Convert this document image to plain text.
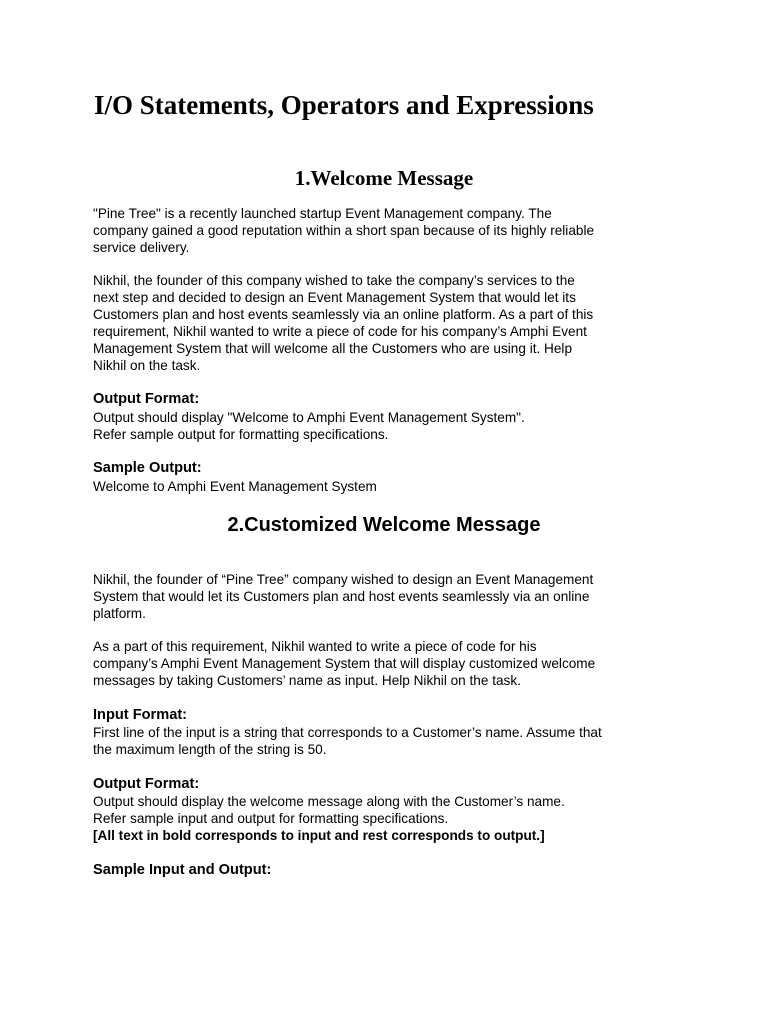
I/O Statements, Operators and Expressions
1.Welcome Message
"Pine Tree" is a recently launched startup Event Management company. The
company gained a good reputation within a short span because of its highly reliable
service delivery.
Nikhil, the founder of this company wished to take the company’s services to the
next step and decided to design an Event Management System that would let its
Customers plan and host events seamlessly via an online platform. As a part of this
requirement, Nikhil wanted to write a piece of code for his company’s Amphi Event
Management System that will welcome all the Customers who are using it. Help
Nikhil on the task.
Output Format:
Output should display "Welcome to Amphi Event Management System".
Refer sample output for formatting specifications.
Sample Output:
Welcome to Amphi Event Management System
2.Customized Welcome Message
Nikhil, the founder of “Pine Tree” company wished to design an Event Management
System that would let its Customers plan and host events seamlessly via an online
platform.
As a part of this requirement, Nikhil wanted to write a piece of code for his
company’s Amphi Event Management System that will display customized welcome
messages by taking Customers’ name as input. Help Nikhil on the task.
Input Format:
First line of the input is a string that corresponds to a Customer’s name. Assume that
the maximum length of the string is 50.
Output Format:
Output should display the welcome message along with the Customer’s name.
Refer sample input and output for formatting specifications.
[All text in bold corresponds to input and rest corresponds to output.]
Sample Input and Output:
